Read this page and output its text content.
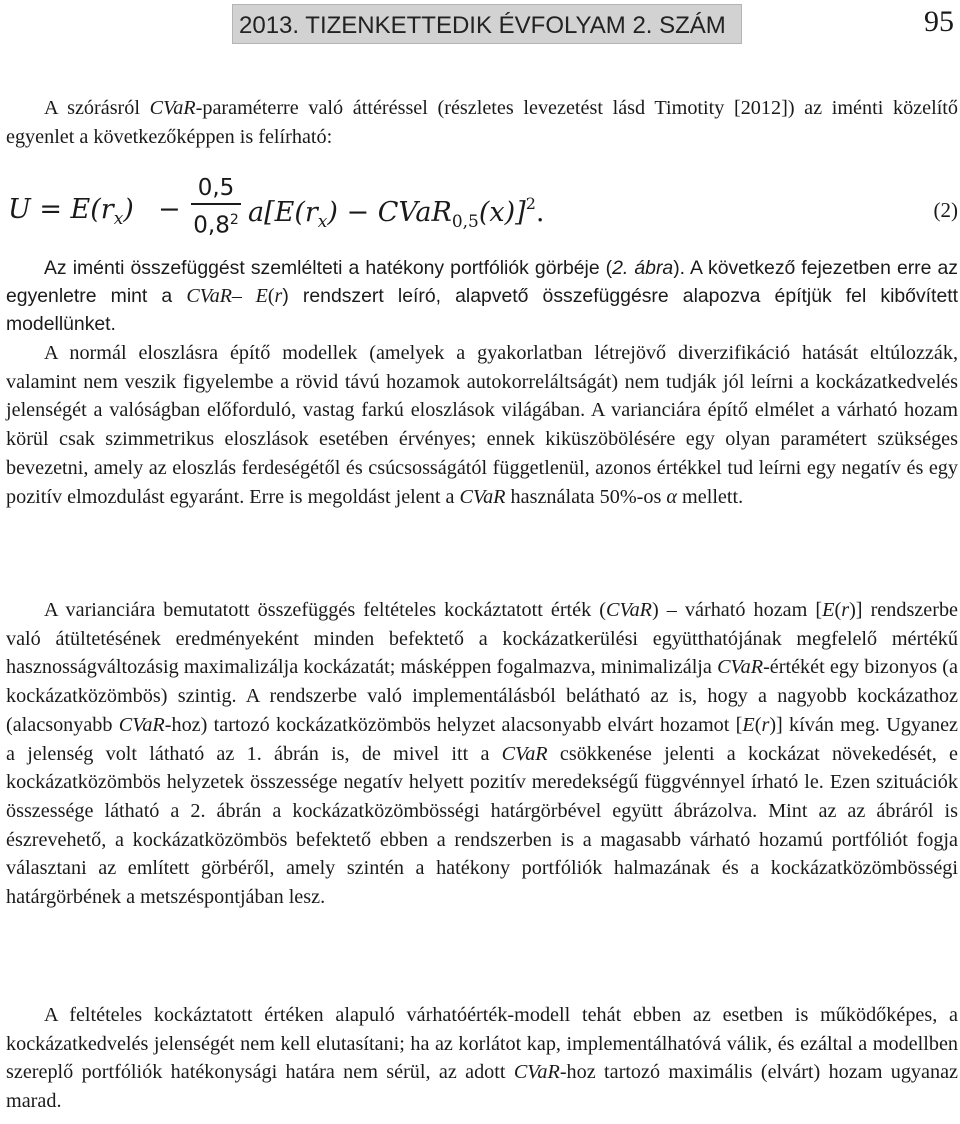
2013. TIZENKETTEDIK ÉVFOLYAM 2. SZÁM	95

A szórásról CVaR-paraméterre való áttéréssel (részletes levezetést lásd Timotity [2012]) az iménti közelítő egyenlet a következőképpen is felírható:

$U = E(r_x)$ −
0,5
$0,8^2$ $a[E(r_x)$ − CVaR$_{0,5}$(x)]$^2$.	(2)

Az iménti összefüggést szemlélteti a hatékony portfóliók görbéje (2. ábra). A következő fejezetben erre az egyenletre mint a CVaR– E(r) rendszert leíró, alapvető összefüggésre alapozva építjük fel kibővített modellünket.

A normál eloszlásra építő modellek (amelyek a gyakorlatban létrejövő diverzifikáció hatását eltúlozzák, valamint nem veszik figyelembe a rövid távú hozamok autokorreláltságát) nem tudják jól leírni a kockázatkedvelés jelenségét a valóságban előforduló, vastag farkú eloszlások világában. A varianciára építő elmélet a várható hozam körül csak szimmetrikus eloszlások esetében érvényes; ennek kiküszöbölésére egy olyan paramétert szükséges bevezetni, amely az eloszlás ferdeségétől és csúcsosságától függetlenül, azonos értékkel tud leírni egy negatív és egy pozitív elmozdulást egyaránt. Erre is megoldást jelent a CVaR használata 50%-os α mellett.

A varianciára bemutatott összefüggés feltételes kockáztatott érték (CVaR) – várható hozam [E(r)] rendszerbe való átültetésének eredményeként minden befektető a kockázatkerülési együtthatójának megfelelő mértékű hasznosságváltozásig maximalizálja kockázatát; másképpen fogalmazva, minimalizálja CVaR-értékét egy bizonyos (a kockázatközömbös) szintig. A rendszerbe való implementálásból belátható az is, hogy a nagyobb kockázathoz (alacsonyabb CVaR-hoz) tartozó kockázatközömbös helyzet alacsonyabb elvárt hozamot [E(r)] kíván meg. Ugyanez a jelenség volt látható az 1. ábrán is, de mivel itt a CVaR csökkenése jelenti a kockázat növekedését, e kockázatközömbös helyzetek összessége negatív helyett pozitív meredekségű függvénnyel írható le. Ezen szituációk összessége látható a 2. ábrán a kockázatközömbösségi határgörbével együtt ábrázolva. Mint az az ábráról is észrevehető, a kockázatközömbös befektető ebben a rendszerben is a magasabb várható hozamú portfóliót fogja választani az említett görbéről, amely szintén a hatékony portfóliók halmazának és a kockázatközömbösségi határgörbének a metszéspontjában lesz.

A feltételes kockáztatott értéken alapuló várhatóérték-modell tehát ebben az esetben is működőképes, a kockázatkedvelés jelenségét nem kell elutasítani; ha az korlátot kap, implementálhatóvá válik, és ezáltal a modellben szereplő portfóliók hatékonysági határa nem sérül, az adott CVaR-hoz tartozó maximális (elvárt) hozam ugyanaz marad.
